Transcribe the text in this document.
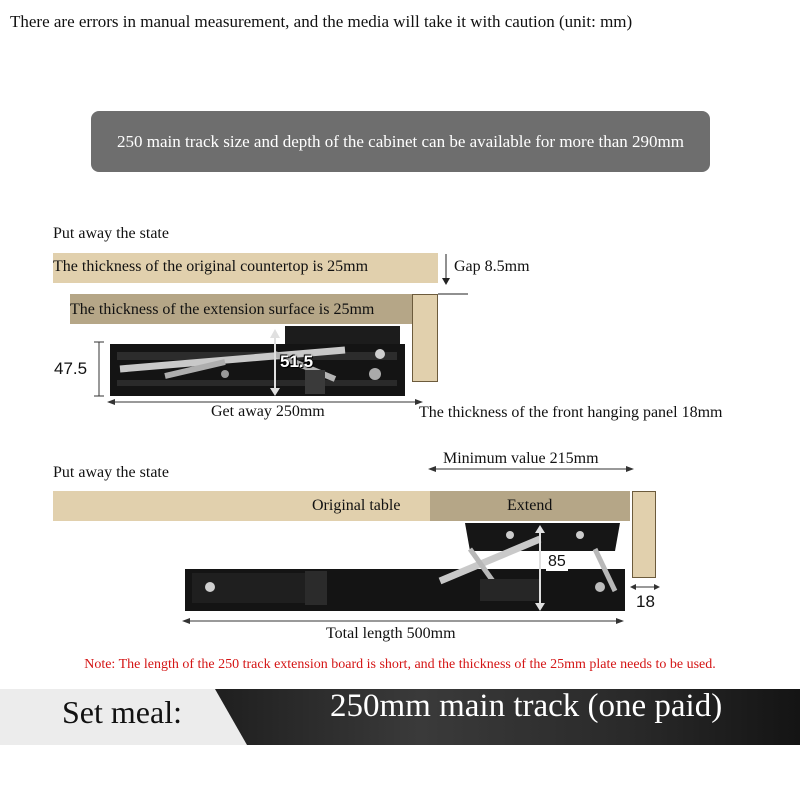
There are errors in manual measurement, and the media will take it with caution (unit: mm)
250 main track size and depth of the cabinet can be available for more than 290mm
Put away the state
The thickness of the original countertop is 25mm	Gap 8.5mm
The thickness of the extension surface is 25mm
51.5
47.5
Get away 250mm	The thickness of the front hanging panel 18mm
Put away the state
Minimum value 215mm
Original table	Extend
85
18
Total length 500mm
Note: The length of the 250 track extension board is short, and the thickness of the 25mm plate needs to be used.
Set meal:	250mm main track (one paid)
